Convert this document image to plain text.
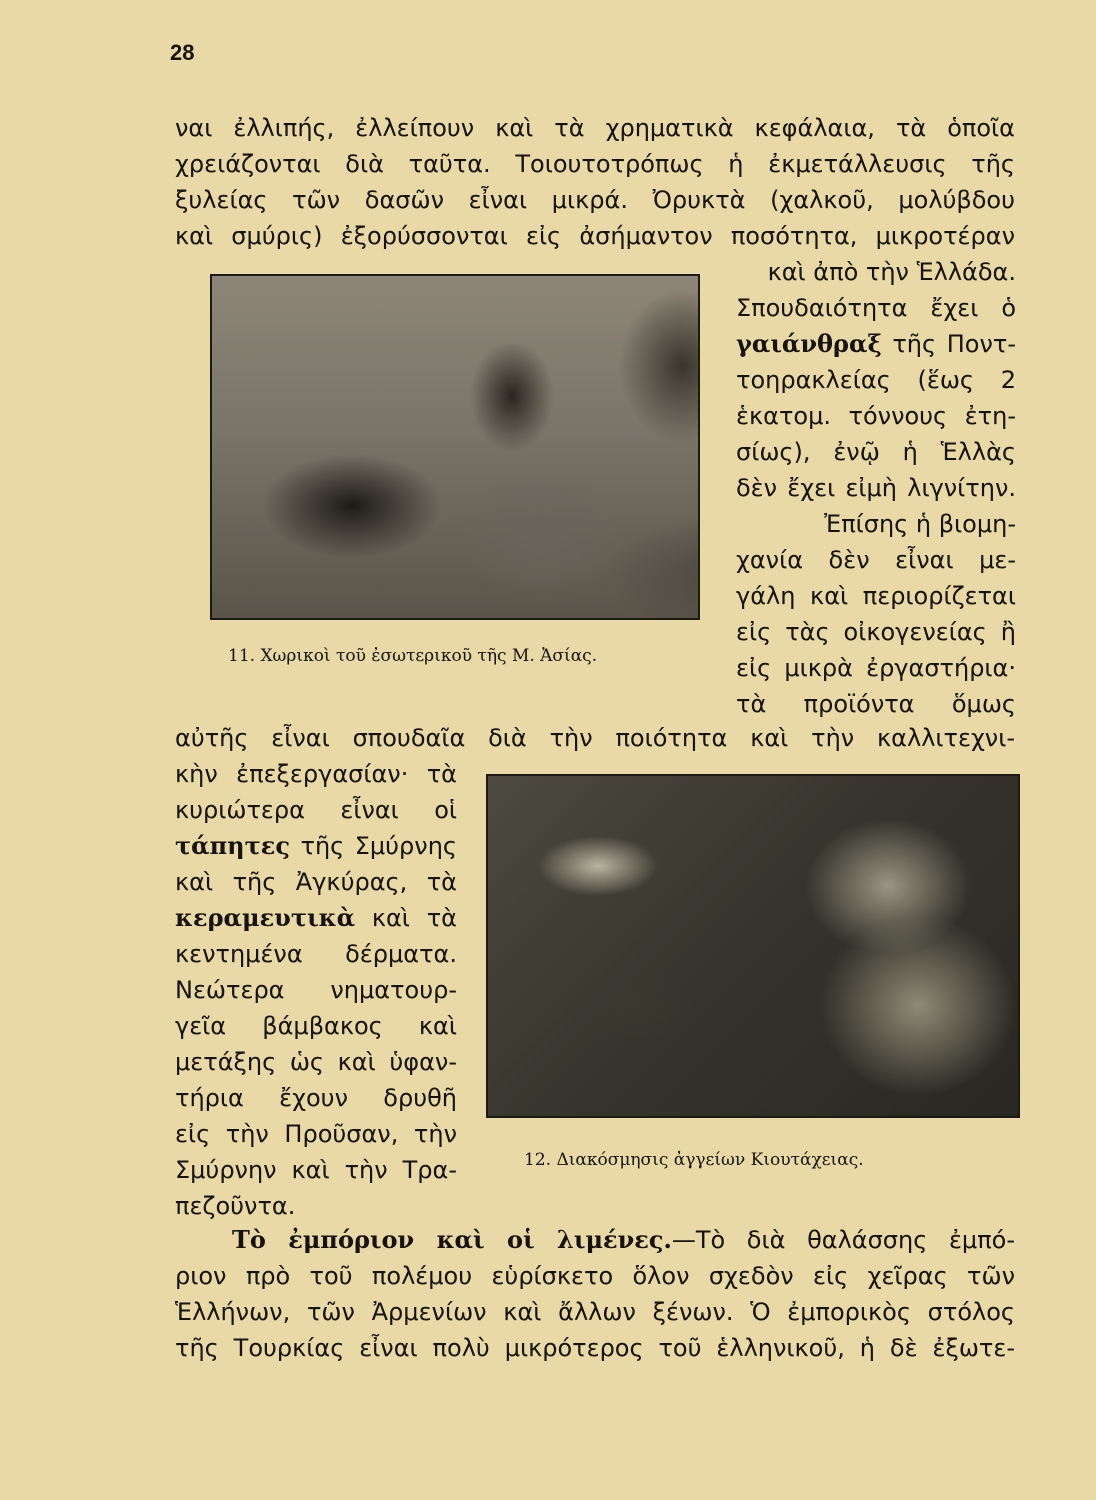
28
ναι ἐλλιπής, ἐλλείπουν καὶ τὰ χρηματικὰ κεφάλαια, τὰ ὁποῖα
χρειάζονται διὰ ταῦτα. Τοιουτοτρόπως ἡ ἐκμετάλλευσις τῆς
ξυλείας τῶν δασῶν εἶναι μικρά. Ὀρυκτὰ (χαλκοῦ, μολύβδου
καὶ σμύρις) ἐξορύσσονται εἰς ἀσήμαντον ποσότητα, μικροτέραν
11. Χωρικοὶ τοῦ ἐσωτερικοῦ τῆς Μ. Ἀσίας.
καὶ ἀπὸ τὴν Ἑλλάδα.
Σπουδαιότητα ἔχει ὁ
γαιάνθραξ τῆς Ποντ-
τοηρακλείας (ἕως 2
ἑκατομ. τόννους ἐτη-
σίως), ἐνῷ ἡ Ἑλλὰς
δὲν ἔχει εἰμὴ λιγνίτην.
Ἐπίσης ἡ βιομη-
χανία δὲν εἶναι με-
γάλη καὶ περιορίζεται
εἰς τὰς οἰκογενείας ἢ
εἰς μικρὰ ἐργαστήρια·
τὰ προϊόντα ὅμως
αὐτῆς εἶναι σπουδαῖα διὰ τὴν ποιότητα καὶ τὴν καλλιτεχνι-
κὴν ἐπεξεργασίαν· τὰ
κυριώτερα εἶναι οἱ
τάπητες τῆς Σμύρνης
καὶ τῆς Ἀγκύρας, τὰ
κεραμευτικὰ καὶ τὰ
κεντημένα δέρματα.
Νεώτερα νηματουρ-
γεῖα βάμβακος καὶ
μετάξης ὡς καὶ ὑφαν-
τήρια ἔχουν δρυθῆ
εἰς τὴν Προῦσαν, τὴν
Σμύρνην καὶ τὴν Τρα-
πεζοῦντα.
12. Διακόσμησις ἀγγείων Κιουτάχειας.
Τὸ ἐμπόριον καὶ οἱ λιμένες.—Τὸ διὰ θαλάσσης ἐμπό-
ριον πρὸ τοῦ πολέμου εὑρίσκετο ὅλον σχεδὸν εἰς χεῖρας τῶν
Ἑλλήνων, τῶν Ἀρμενίων καὶ ἄλλων ξένων. Ὁ ἐμπορικὸς στόλος
τῆς Τουρκίας εἶναι πολὺ μικρότερος τοῦ ἑλληνικοῦ, ἡ δὲ ἐξωτε-
